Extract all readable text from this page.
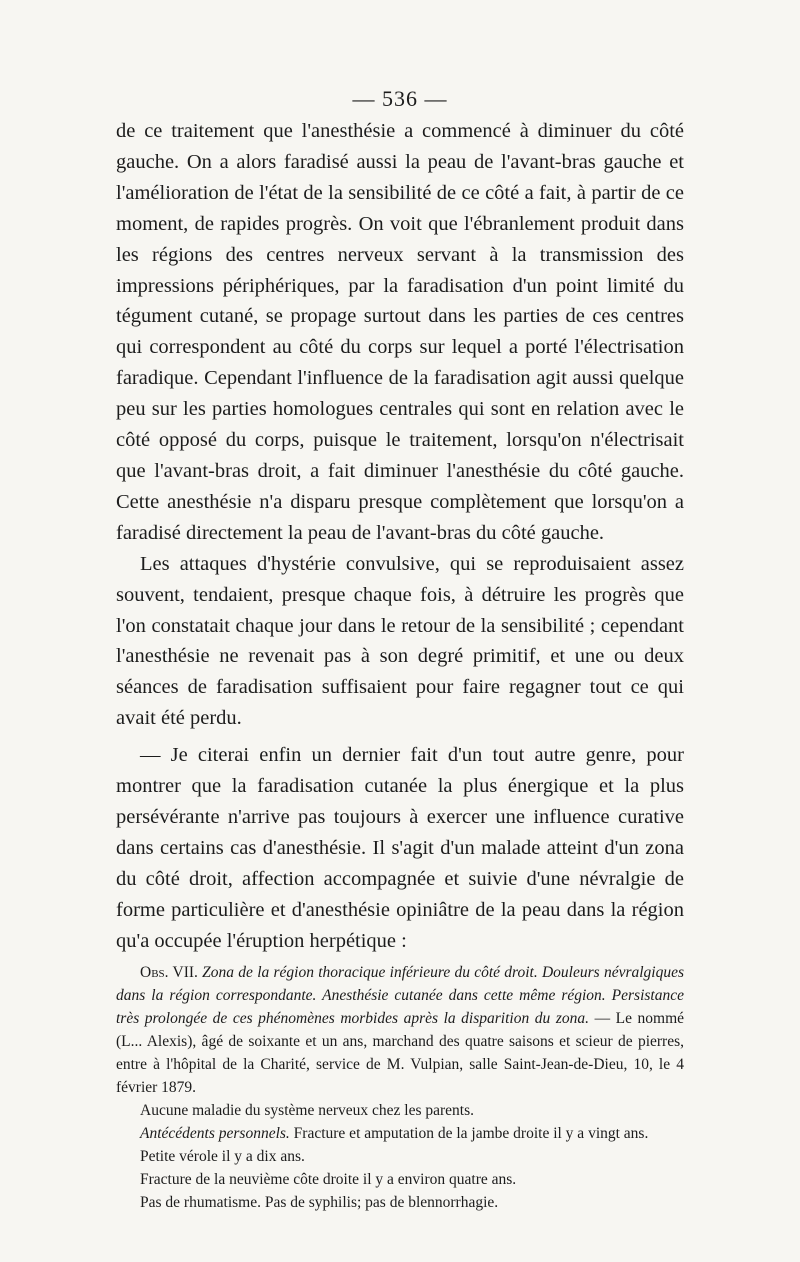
— 536 —

de ce traitement que l'anesthésie a commencé à diminuer du côté gauche. On a alors faradisé aussi la peau de l'avant-bras gauche et l'amélioration de l'état de la sensibilité de ce côté a fait, à partir de ce moment, de rapides progrès. On voit que l'ébranlement produit dans les régions des centres nerveux servant à la transmission des impressions périphériques, par la faradisation d'un point limité du tégument cutané, se propage surtout dans les parties de ces centres qui correspondent au côté du corps sur lequel a porté l'électrisation faradique. Cependant l'influence de la faradisation agit aussi quelque peu sur les parties homologues centrales qui sont en relation avec le côté opposé du corps, puisque le traitement, lorsqu'on n'électrisait que l'avant-bras droit, a fait diminuer l'anesthésie du côté gauche. Cette anesthésie n'a disparu presque complètement que lorsqu'on a faradisé directement la peau de l'avant-bras du côté gauche.

Les attaques d'hystérie convulsive, qui se reproduisaient assez souvent, tendaient, presque chaque fois, à détruire les progrès que l'on constatait chaque jour dans le retour de la sensibilité ; cependant l'anesthésie ne revenait pas à son degré primitif, et une ou deux séances de faradisation suffisaient pour faire regagner tout ce qui avait été perdu.

— Je citerai enfin un dernier fait d'un tout autre genre, pour montrer que la faradisation cutanée la plus énergique et la plus persévérante n'arrive pas toujours à exercer une influence curative dans certains cas d'anesthésie. Il s'agit d'un malade atteint d'un zona du côté droit, affection accompagnée et suivie d'une névralgie de forme particulière et d'anesthésie opiniâtre de la peau dans la région qu'a occupée l'éruption herpétique :

Obs. VII. Zona de la région thoracique inférieure du côté droit. Douleurs névralgiques dans la région correspondante. Anesthésie cutanée dans cette même région. Persistance très prolongée de ces phénomènes morbides après la disparition du zona. — Le nommé (L... Alexis), âgé de soixante et un ans, marchand des quatre saisons et scieur de pierres, entre à l'hôpital de la Charité, service de M. Vulpian, salle Saint-Jean-de-Dieu, 10, le 4 février 1879.

Aucune maladie du système nerveux chez les parents.

Antécédents personnels. Fracture et amputation de la jambe droite il y a vingt ans.

Petite vérole il y a dix ans.

Fracture de la neuvième côte droite il y a environ quatre ans.

Pas de rhumatisme. Pas de syphilis; pas de blennorrhagie.
